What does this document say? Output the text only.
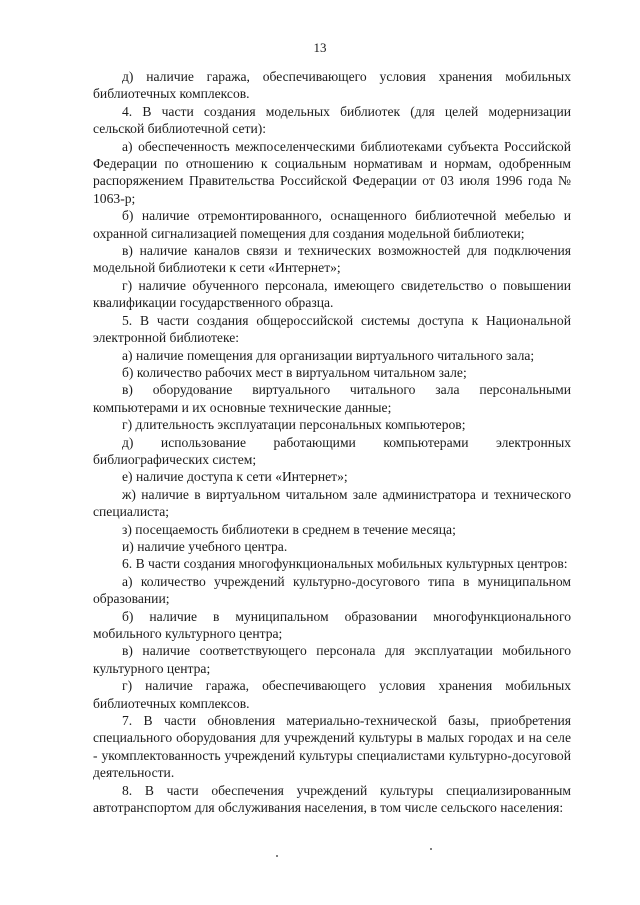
13

д) наличие гаража, обеспечивающего условия хранения мобильных библиотечных комплексов.

4. В части создания модельных библиотек (для целей модернизации сельской библиотечной сети):

а) обеспеченность межпоселенческими библиотеками субъекта Российской Федерации по отношению к социальным нормативам и нормам, одобренным распоряжением Правительства Российской Федерации от 03 июля 1996 года № 1063-р;

б) наличие отремонтированного, оснащенного библиотечной мебелью и охранной сигнализацией помещения для создания модельной библиотеки;

в) наличие каналов связи и технических возможностей для подключения модельной библиотеки к сети «Интернет»;

г) наличие обученного персонала, имеющего свидетельство о повышении квалификации государственного образца.

5. В части создания общероссийской системы доступа к Национальной электронной библиотеке:

а) наличие помещения для организации виртуального читального зала;

б) количество рабочих мест в виртуальном читальном зале;

в) оборудование виртуального читального зала персональными компьютерами и их основные технические данные;

г) длительность эксплуатации персональных компьютеров;

д) использование работающими компьютерами электронных библиографических систем;

е) наличие доступа к сети «Интернет»;

ж) наличие в виртуальном читальном зале администратора и технического специалиста;

з) посещаемость библиотеки в среднем в течение месяца;

и) наличие учебного центра.

6. В части создания многофункциональных мобильных культурных центров:

а) количество учреждений культурно-досугового типа в муниципальном образовании;

б) наличие в муниципальном образовании многофункционального мобильного культурного центра;

в) наличие соответствующего персонала для эксплуатации мобильного культурного центра;

г) наличие гаража, обеспечивающего условия хранения мобильных библиотечных комплексов.

7. В части обновления материально-технической базы, приобретения специального оборудования для учреждений культуры в малых городах и на селе - укомплектованность учреждений культуры специалистами культурно-досуговой деятельности.

8. В части обеспечения учреждений культуры специализированным автотранспортом для обслуживания населения, в том числе сельского населения:
